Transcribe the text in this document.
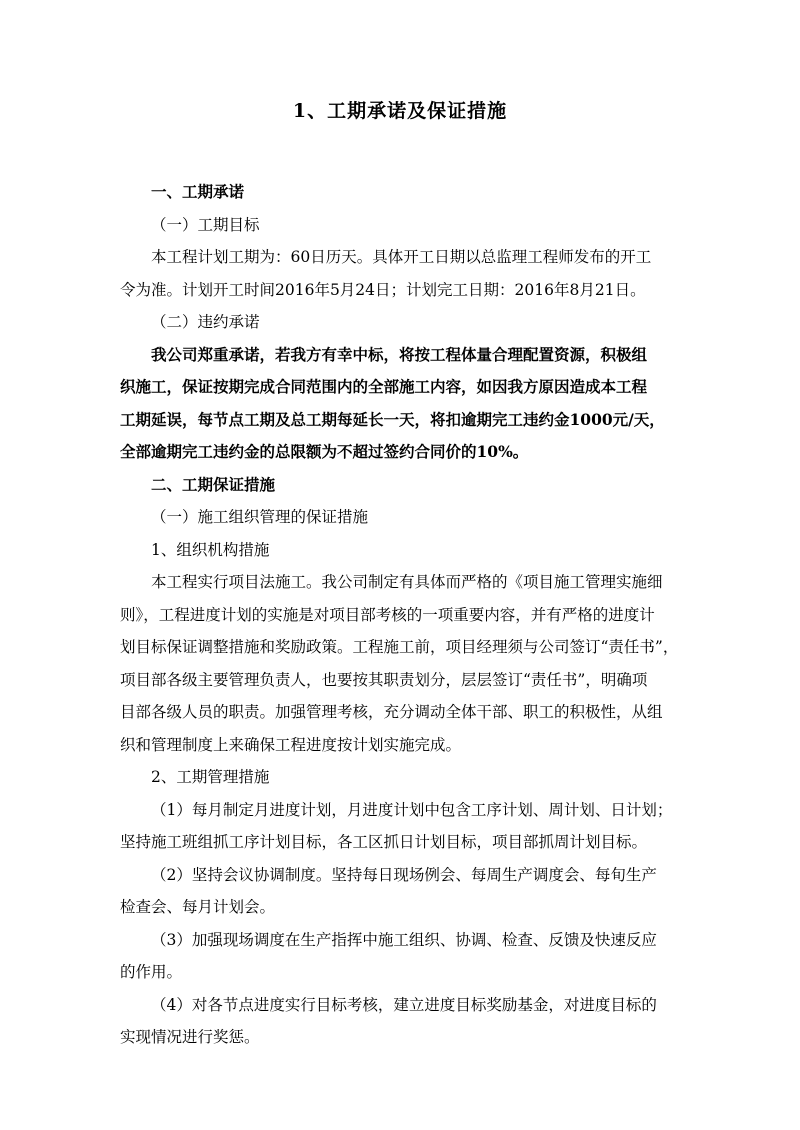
1、工期承诺及保证措施
一、工期承诺
（一）工期目标
本工程计划工期为：60日历天。具体开工日期以总监理工程师发布的开工
令为准。计划开工时间2016年5月24日；计划完工日期：2016年8月21日。
（二）违约承诺
我公司郑重承诺，若我方有幸中标，将按工程体量合理配置资源，积极组
织施工，保证按期完成合同范围内的全部施工内容，如因我方原因造成本工程
工期延误，每节点工期及总工期每延长一天，将扣逾期完工违约金1000元/天，
全部逾期完工违约金的总限额为不超过签约合同价的10%。
二、工期保证措施
（一）施工组织管理的保证措施
1、组织机构措施
本工程实行项目法施工。我公司制定有具体而严格的《项目施工管理实施细
则》，工程进度计划的实施是对项目部考核的一项重要内容，并有严格的进度计
划目标保证调整措施和奖励政策。工程施工前，项目经理须与公司签订“责任书”，
项目部各级主要管理负责人，也要按其职责划分，层层签订“责任书”，明确项
目部各级人员的职责。加强管理考核，充分调动全体干部、职工的积极性，从组
织和管理制度上来确保工程进度按计划实施完成。
2、工期管理措施
（1）每月制定月进度计划，月进度计划中包含工序计划、周计划、日计划；
坚持施工班组抓工序计划目标，各工区抓日计划目标，项目部抓周计划目标。
（2）坚持会议协调制度。坚持每日现场例会、每周生产调度会、每旬生产
检查会、每月计划会。
（3）加强现场调度在生产指挥中施工组织、协调、检查、反馈及快速反应
的作用。
（4）对各节点进度实行目标考核，建立进度目标奖励基金，对进度目标的
实现情况进行奖惩。
